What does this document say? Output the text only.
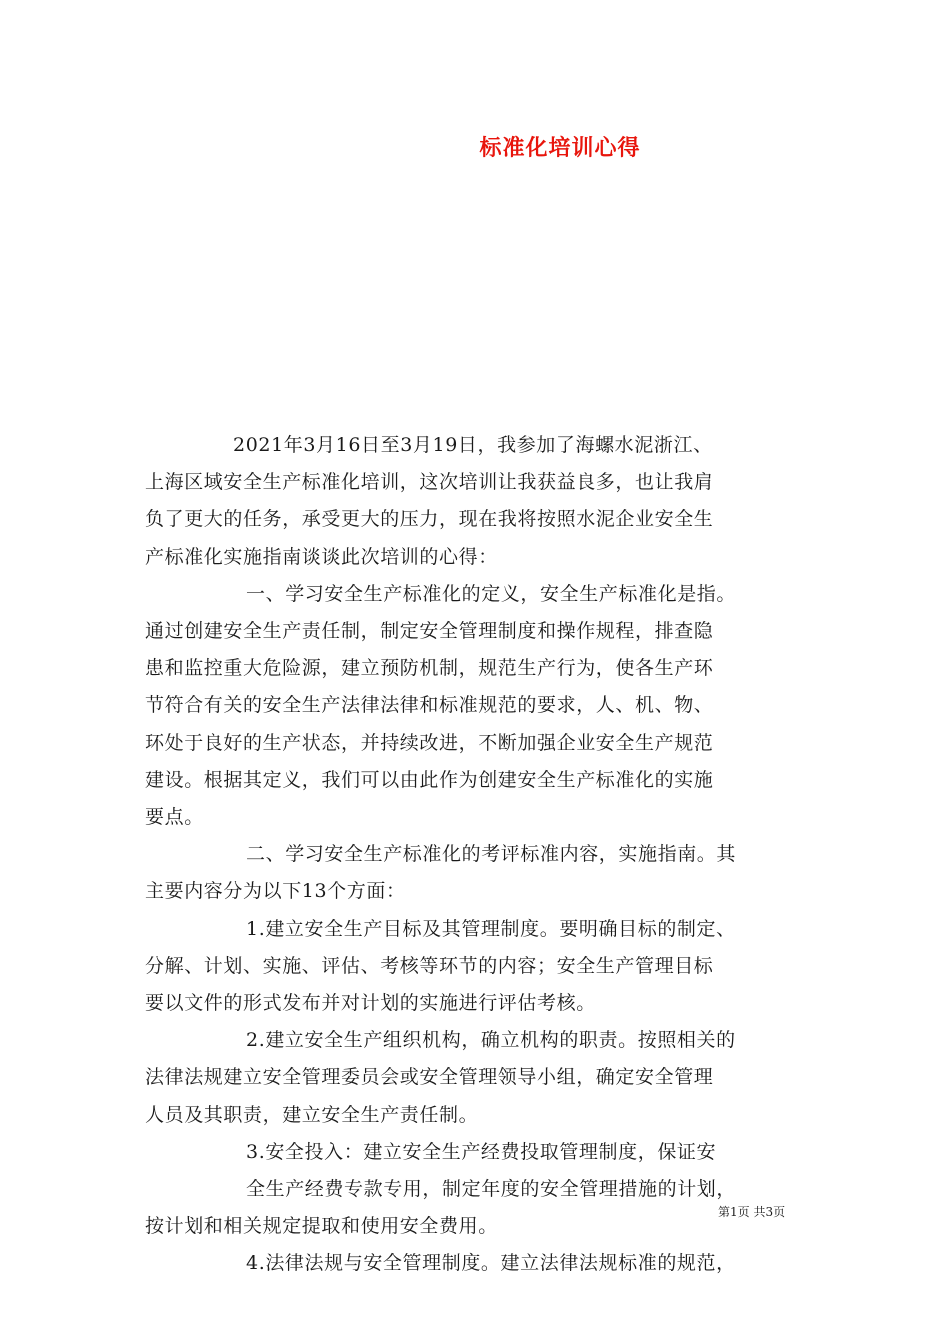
标准化培训心得
2021年3月16日至3月19日，我参加了海螺水泥浙江、
上海区域安全生产标准化培训，这次培训让我获益良多，也让我肩
负了更大的任务，承受更大的压力，现在我将按照水泥企业安全生
产标准化实施指南谈谈此次培训的心得：
一、学习安全生产标准化的定义，安全生产标准化是指。
通过创建安全生产责任制，制定安全管理制度和操作规程，排查隐
患和监控重大危险源，建立预防机制，规范生产行为，使各生产环
节符合有关的安全生产法律法律和标准规范的要求，人、机、物、
环处于良好的生产状态，并持续改进，不断加强企业安全生产规范
建设。根据其定义，我们可以由此作为创建安全生产标准化的实施
要点。
二、学习安全生产标准化的考评标准内容，实施指南。其
主要内容分为以下13个方面：
1.建立安全生产目标及其管理制度。要明确目标的制定、
分解、计划、实施、评估、考核等环节的内容；安全生产管理目标
要以文件的形式发布并对计划的实施进行评估考核。
2.建立安全生产组织机构，确立机构的职责。按照相关的
法律法规建立安全管理委员会或安全管理领导小组，确定安全管理
人员及其职责，建立安全生产责任制。
3.安全投入：建立安全生产经费投取管理制度，保证安
全生产经费专款专用，制定年度的安全管理措施的计划，
按计划和相关规定提取和使用安全费用。
4.法律法规与安全管理制度。建立法律法规标准的规范，
第1页 共3页
